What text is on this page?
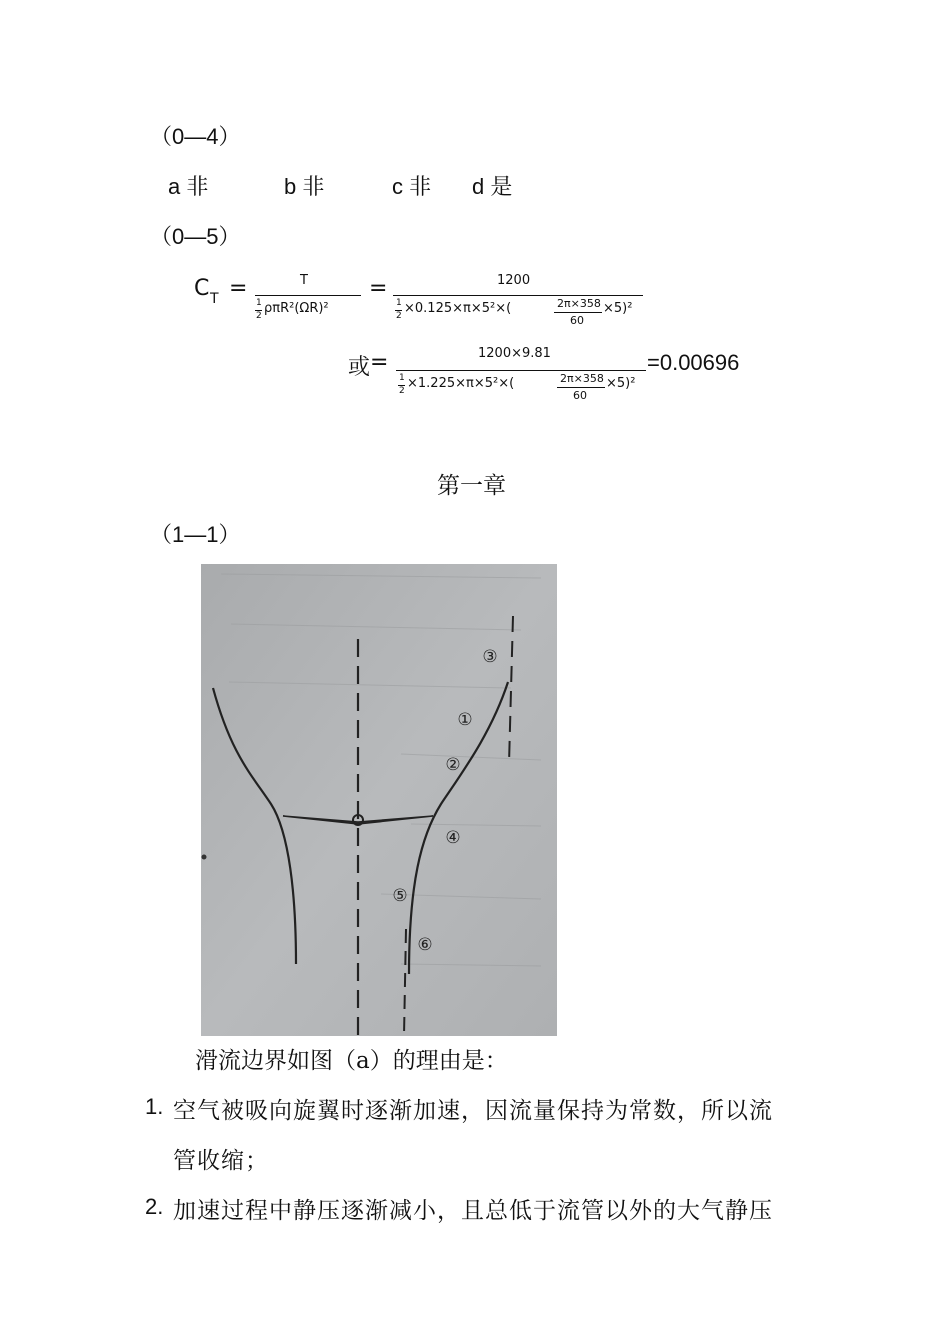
（0—4）
a 非	b 非	c 非 d 是
（0—5）
C T =	T
1
2 ρπR²(ΩR)²
=	1200
1
2 ×0.125×π×5²×(	2π×358
60
×5)²
或 =	1200×9.81
1
2 ×1.225×π×5²×(	2π×358
60
×5)²
=0.00696
第一章
（1—1）
③
①
②
④
⑤
⑥
滑流边界如图（a）的理由是：
1. 空气被吸向旋翼时逐渐加速，因流量保持为常数，所以流
管收缩；
2. 加速过程中静压逐渐减小，且总低于流管以外的大气静压
